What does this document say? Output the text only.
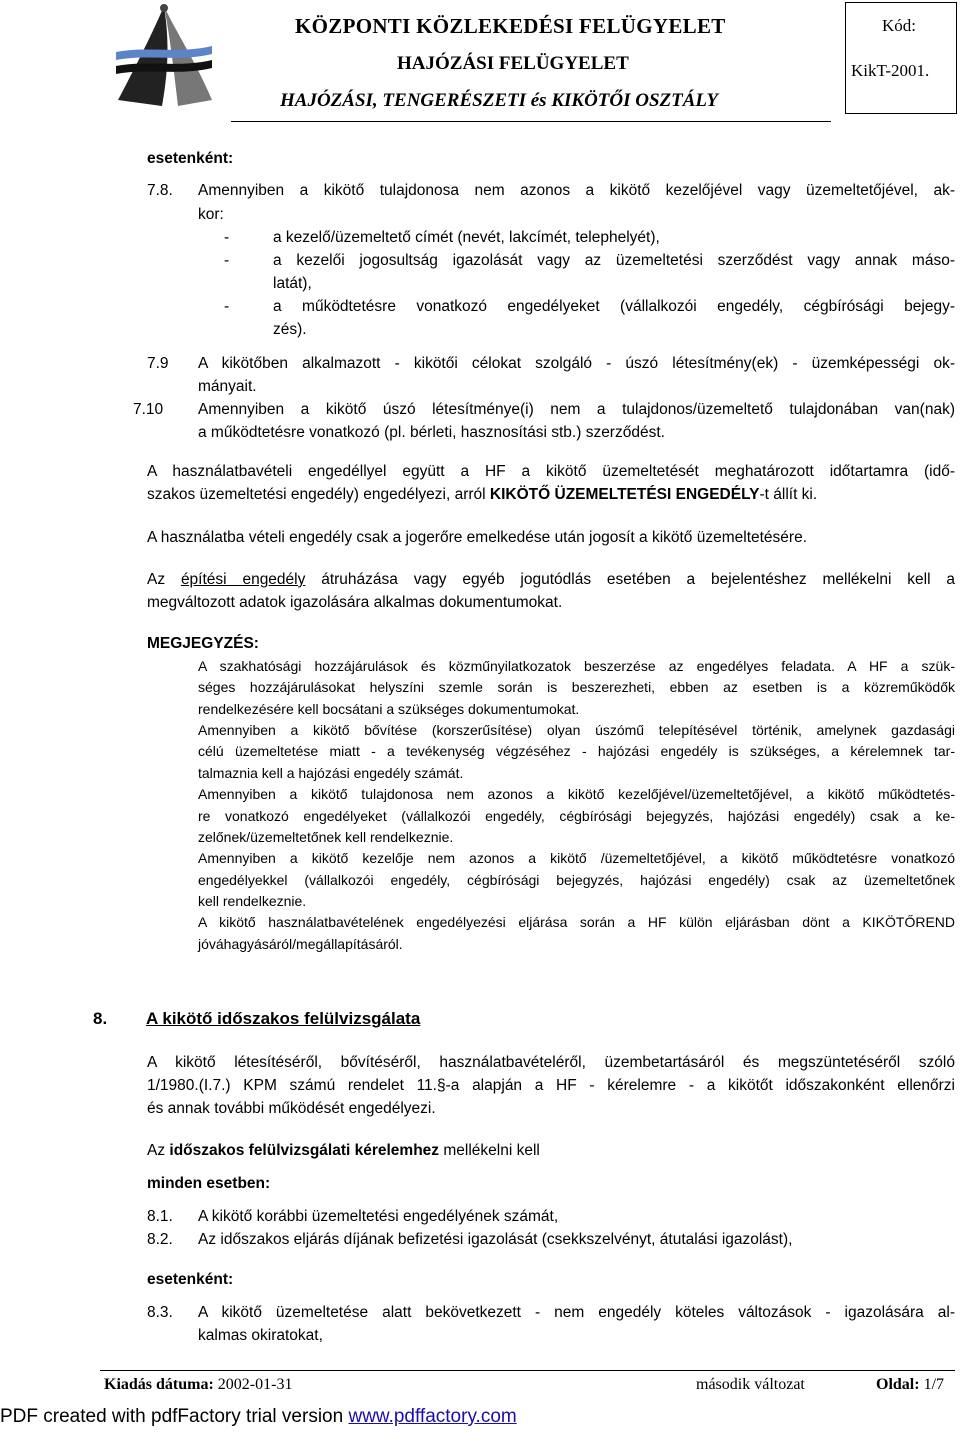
KÖZPONTI KÖZLEKEDÉSI FELÜGYELET
HAJÓZÁSI FELÜGYELET
HAJÓZÁSI, TENGERÉSZETI és KIKÖTŐI OSZTÁLY
Kód:
KikT-2001.
esetenként:
7.8. Amennyiben a kikötő tulajdonosa nem azonos a kikötő kezelőjével vagy üzemeltetőjével, ak-
kor:
-	a kezelő/üzemeltető címét (nevét, lakcímét, telephelyét),
-	a kezelői jogosultság igazolását vagy az üzemeltetési szerződést vagy annak máso-
latát),
-	a működtetésre vonatkozó engedélyeket (vállalkozói engedély, cégbírósági bejegy-
zés).
7.9 A kikötőben alkalmazott - kikötői célokat szolgáló - úszó létesítmény(ek) - üzemképességi ok-
mányait.
7.10 Amennyiben a kikötő úszó létesítménye(i) nem a tulajdonos/üzemeltető tulajdonában van(nak)
a működtetésre vonatkozó (pl. bérleti, hasznosítási stb.) szerződést.
A használatbavételi engedéllyel együtt a HF a kikötő üzemeltetését meghatározott időtartamra (idő-
szakos üzemeltetési engedély) engedélyezi, arról KIKÖTŐ ÜZEMELTETÉSI ENGEDÉLY-t állít ki.
A használatba vételi engedély csak a jogerőre emelkedése után jogosít a kikötő üzemeltetésére.
Az építési engedély átruházása vagy egyéb jogutódlás esetében a bejelentéshez mellékelni kell a
megváltozott adatok igazolására alkalmas dokumentumokat.
MEGJEGYZÉS:
A szakhatósági hozzájárulások és közműnyilatkozatok beszerzése az engedélyes feladata. A HF a szük-
séges hozzájárulásokat helyszíni szemle során is beszerezheti, ebben az esetben is a közreműködők
rendelkezésére kell bocsátani a szükséges dokumentumokat.
Amennyiben a kikötő bővítése (korszerűsítése) olyan úszómű telepítésével történik, amelynek gazdasági
célú üzemeltetése miatt - a tevékenység végzéséhez - hajózási engedély is szükséges, a kérelemnek tar-
talmaznia kell a hajózási engedély számát.
Amennyiben a kikötő tulajdonosa nem azonos a kikötő kezelőjével/üzemeltetőjével, a kikötő működtetés-
re vonatkozó engedélyeket (vállalkozói engedély, cégbírósági bejegyzés, hajózási engedély) csak a ke-
zelőnek/üzemeltetőnek kell rendelkeznie.
Amennyiben a kikötő kezelője nem azonos a kikötő /üzemeltetőjével, a kikötő működtetésre vonatkozó
engedélyekkel (vállalkozói engedély, cégbírósági bejegyzés, hajózási engedély) csak az üzemeltetőnek
kell rendelkeznie.
A kikötő használatbavételének engedélyezési eljárása során a HF külön eljárásban dönt a KIKÖTŐREND
jóváhagyásáról/megállapításáról.
8. A kikötő időszakos felülvizsgálata
A kikötő létesítéséről, bővítéséről, használatbavételéről, üzembetartásáról és megszüntetéséről szóló
1/1980.(I.7.) KPM számú rendelet 11.§-a alapján a HF - kérelemre - a kikötőt időszakonként ellenőrzi
és annak további működését engedélyezi.
Az időszakos felülvizsgálati kérelemhez mellékelni kell
minden esetben:
8.1. A kikötő korábbi üzemeltetési engedélyének számát,
8.2. Az időszakos eljárás díjának befizetési igazolását (csekkszelvényt, átutalási igazolást),
esetenként:
8.3. A kikötő üzemeltetése alatt bekövetkezett - nem engedély köteles változások - igazolására al-
kalmas okiratokat,
Kiadás dátuma: 2002-01-31	második változat	Oldal: 1/7
PDF created with pdfFactory trial version www.pdffactory.com
